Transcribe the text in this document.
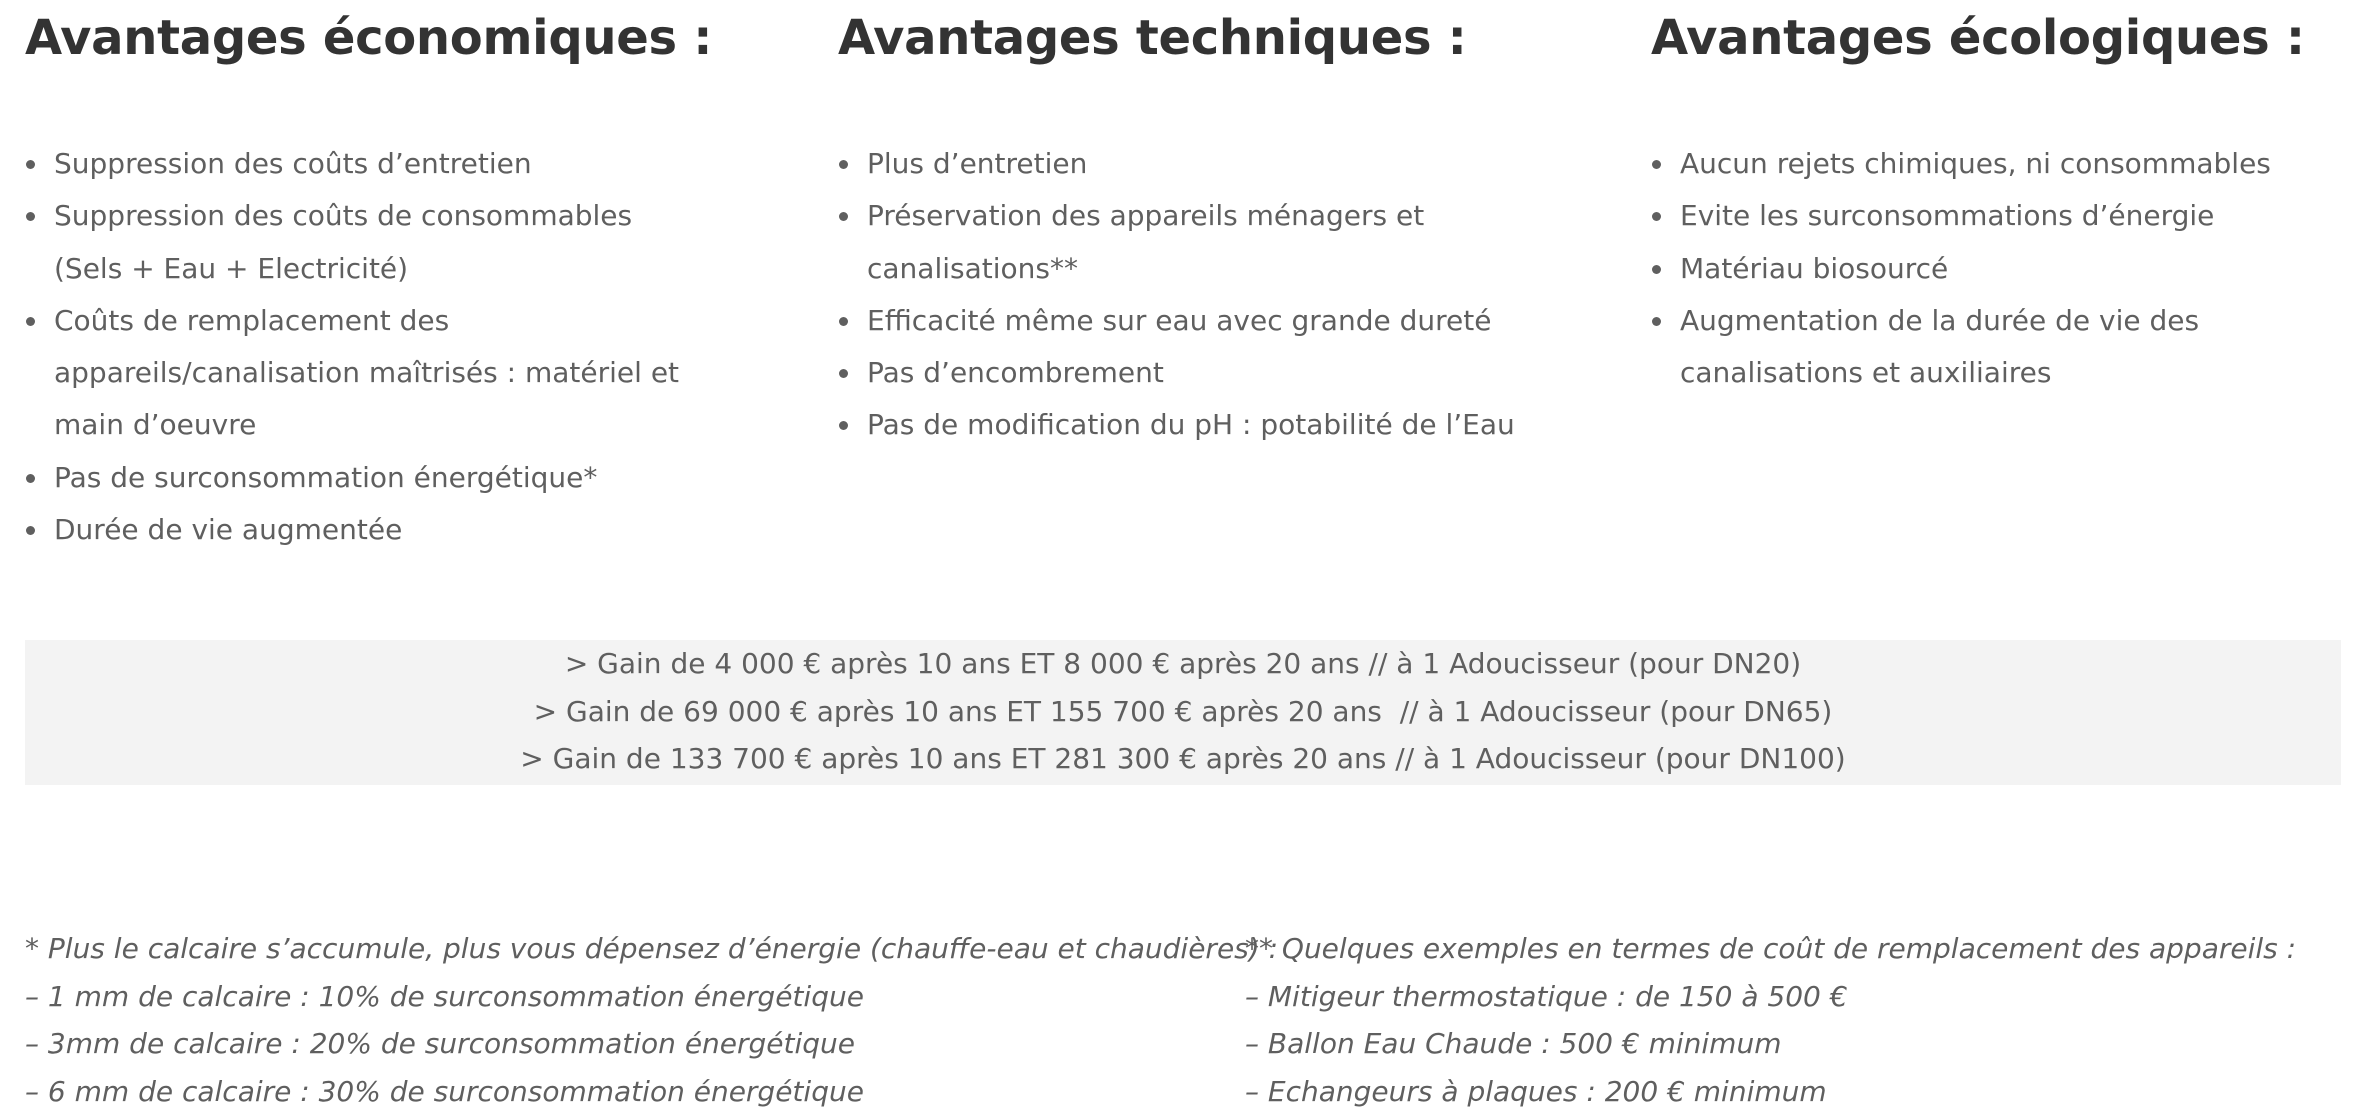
Avantages économiques :
Suppression des coûts d’entretien
Suppression des coûts de consommables (Sels + Eau + Electricité)
Coûts de remplacement des appareils/canalisation maîtrisés : matériel et main d’oeuvre
Pas de surconsommation énergétique*
Durée de vie augmentée
Avantages techniques :
Plus d’entretien
Préservation des appareils ménagers et canalisations**
Efficacité même sur eau avec grande dureté
Pas d’encombrement
Pas de modification du pH : potabilité de l’Eau
Avantages écologiques :
Aucun rejets chimiques, ni consommables
Evite les surconsommations d’énergie
Matériau biosourcé
Augmentation de la durée de vie des canalisations et auxiliaires

> Gain de 4 000 € après 10 ans ET 8 000 € après 20 ans // à 1 Adoucisseur (pour DN20)

> Gain de 69 000 € après 10 ans ET 155 700 € après 20 ans  // à 1 Adoucisseur (pour DN65)

> Gain de 133 700 € après 10 ans ET 281 300 € après 20 ans // à 1 Adoucisseur (pour DN100)

* Plus le calcaire s’accumule, plus vous dépensez d’énergie (chauffe-eau et chaudières) :

– 1 mm de calcaire : 10% de surconsommation énergétique

– 3mm de calcaire : 20% de surconsommation énergétique

– 6 mm de calcaire : 30% de surconsommation énergétique

** Quelques exemples en termes de coût de remplacement des appareils :

– Mitigeur thermostatique : de 150 à 500 €

– Ballon Eau Chaude : 500 € minimum

– Echangeurs à plaques : 200 € minimum
